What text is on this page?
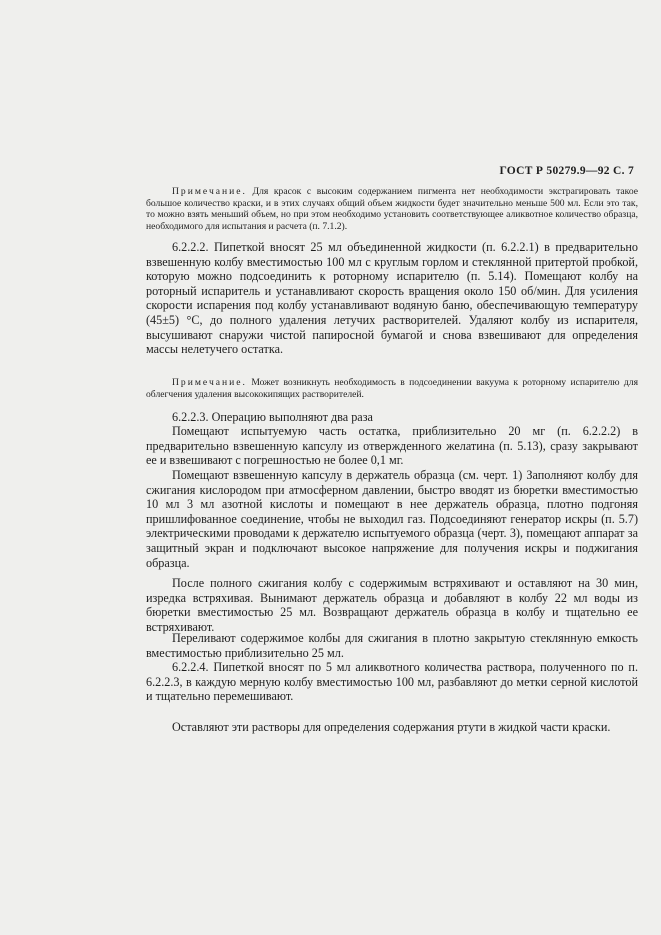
ГОСТ Р 50279.9—92 С. 7

Примечание. Для красок с высоким содержанием пигмента нет необходимости экстрагировать такое большое количество краски, и в этих случаях общий объем жидкости будет значительно меньше 500 мл. Если это так, то можно взять меньший объем, но при этом необходимо установить соответствующее аликвотное количество образца, необходимого для испытания и расчета (п. 7.1.2).

6.2.2.2. Пипеткой вносят 25 мл объединенной жидкости (п. 6.2.2.1) в предварительно взвешенную колбу вместимостью 100 мл с круглым горлом и стеклянной притертой пробкой, которую можно подсоединить к роторному испарителю (п. 5.14). Помещают колбу на роторный испаритель и устанавливают скорость вращения около 150 об/мин. Для усиления скорости испарения под колбу устанавливают водяную баню, обеспечивающую температуру (45±5) °С, до полного удаления летучих растворителей. Удаляют колбу из испарителя, высушивают снаружи чистой папиросной бумагой и снова взвешивают для определения массы нелетучего остатка.

Примечание. Может возникнуть необходимость в подсоединении вакуума к роторному испарителю для облегчения удаления высококипящих растворителей.

6.2.2.3. Операцию выполняют два раза

Помещают испытуемую часть остатка, приблизительно 20 мг (п. 6.2.2.2) в предварительно взвешенную капсулу из отвержденного желатина (п. 5.13), сразу закрывают ее и взвешивают с погрешностью не более 0,1 мг.

Помещают взвешенную капсулу в держатель образца (см. черт. 1) Заполняют колбу для сжигания кислородом при атмосферном давлении, быстро вводят из бюретки вместимостью 10 мл 3 мл азотной кислоты и помещают в нее держатель образца, плотно подгоняя пришлифованное соединение, чтобы не выходил газ. Подсоединяют генератор искры (п. 5.7) электрическими проводами к держателю испытуемого образца (черт. 3), помещают аппарат за защитный экран и подключают высокое напряжение для получения искры и поджигания образца.

После полного сжигания колбу с содержимым встряхивают и оставляют на 30 мин, изредка встряхивая. Вынимают держатель образца и добавляют в колбу 22 мл воды из бюретки вместимостью 25 мл. Возвращают держатель образца в колбу и тщательно ее встряхивают.

Переливают содержимое колбы для сжигания в плотно закрытую стеклянную емкость вместимостью приблизительно 25 мл.

6.2.2.4. Пипеткой вносят по 5 мл аликвотного количества раствора, полученного по п. 6.2.2.3, в каждую мерную колбу вместимостью 100 мл, разбавляют до метки серной кислотой и тщательно перемешивают.

Оставляют эти растворы для определения содержания ртути в жидкой части краски.
